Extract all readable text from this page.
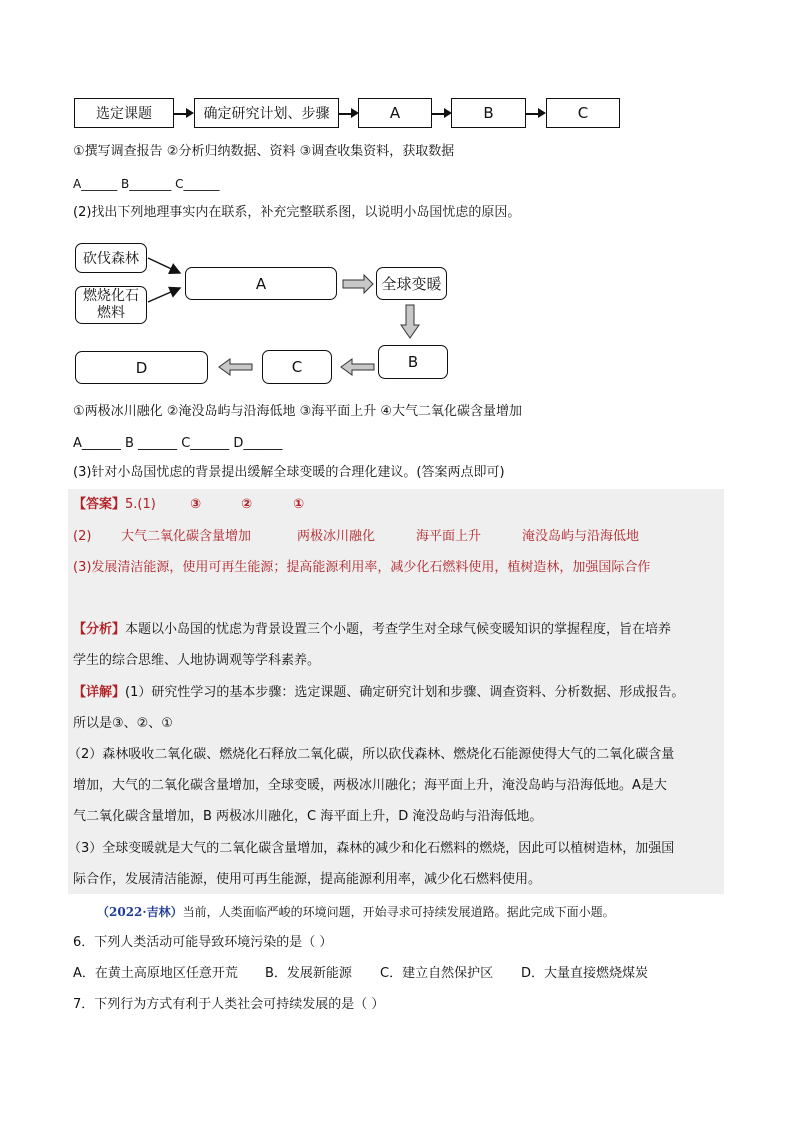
选定课题	确定研究计划、步骤	A	B	C
①撰写调查报告 ②分析归纳数据、资料 ③调查收集资料，获取数据
A______ B_______ C______
(2)找出下列地理事实内在联系，补充完整联系图，以说明小岛国忧虑的原因。
砍伐森林
燃烧化石燃料
A	全球变暖
B
C
D
①两极冰川融化 ②淹没岛屿与沿海低地 ③海平面上升 ④大气二氧化碳含量增加
A______ B ______ C______ D______
(3)针对小岛国忧虑的背景提出缓解全球变暖的合理化建议。(答案两点即可)
【答案】5.(1)	③	②	①
(2) 大气二氧化碳含量增加	两极冰川融化	海平面上升	淹没岛屿与沿海低地
(3)发展清洁能源，使用可再生能源；提高能源利用率，减少化石燃料使用，植树造林，加强国际合作
【分析】本题以小岛国的忧虑为背景设置三个小题，考查学生对全球气候变暖知识的掌握程度，旨在培养
学生的综合思维、人地协调观等学科素养。
【详解】(1）研究性学习的基本步骤：选定课题、确定研究计划和步骤、调查资料、分析数据、形成报告。
所以是③、②、①
（2）森林吸收二氧化碳、燃烧化石释放二氧化碳，所以砍伐森林、燃烧化石能源使得大气的二氧化碳含量
增加，大气的二氧化碳含量增加，全球变暖，两极冰川融化；海平面上升，淹没岛屿与沿海低地。A是大
气二氧化碳含量增加，B 两极冰川融化，C 海平面上升，D 淹没岛屿与沿海低地。
（3）全球变暖就是大气的二氧化碳含量增加，森林的减少和化石燃料的燃烧，因此可以植树造林，加强国
际合作，发展清洁能源，使用可再生能源，提高能源利用率，减少化石燃料使用。
（2022·吉林）当前，人类面临严峻的环境问题，开始寻求可持续发展道路。据此完成下面小题。
6．下列人类活动可能导致环境污染的是（ ）
A．在黄土高原地区任意开荒 B．发展新能源 C．建立自然保护区 D．大量直接燃烧煤炭
7．下列行为方式有利于人类社会可持续发展的是（ ）
